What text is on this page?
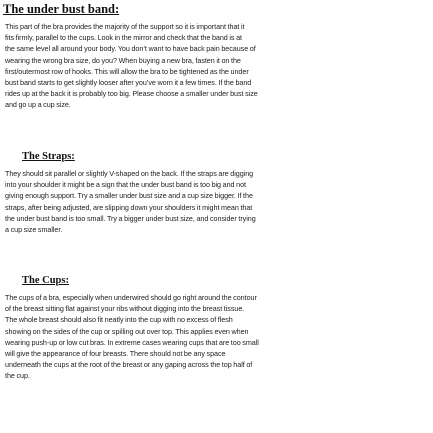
The under bust band:
This part of the bra provides the majority of the support so it is important that it
fits firmly, parallel to the cups. Look in the mirror and check that the band is at
the same level all around your body. You don’t want to have back pain because of
wearing the wrong bra size, do you? When buying a new bra, fasten it on the
first/outermost row of hooks. This will allow the bra to be tightened as the under
bust band starts to get slightly looser after you’ve worn it a few times. If the band
rides up at the back it is probably too big. Please choose a smaller under bust size
and go up a cup size.
The Straps:
They should sit parallel or slightly V-shaped on the back. If the straps are digging
into your shoulder it might be a sign that the under bust band is too big and not
giving enough support. Try a smaller under bust size and a cup size bigger. If the
straps, after being adjusted, are slipping down your shoulders it might mean that
the under bust band is too small. Try a bigger under bust size, and consider trying
a cup size smaller.
The Cups:
The cups of a bra, especially when underwired should go right around the contour
of the breast sitting flat against your ribs without digging into the breast tissue.
The whole breast should also fit neatly into the cup with no excess of flesh
showing on the sides of the cup or spilling out over top. This applies even when
wearing push-up or low cut bras. In extreme cases wearing cups that are too small
will give the appearance of four breasts. There should not be any space
underneath the cups at the root of the breast or any gaping across the top half of
the cup.
